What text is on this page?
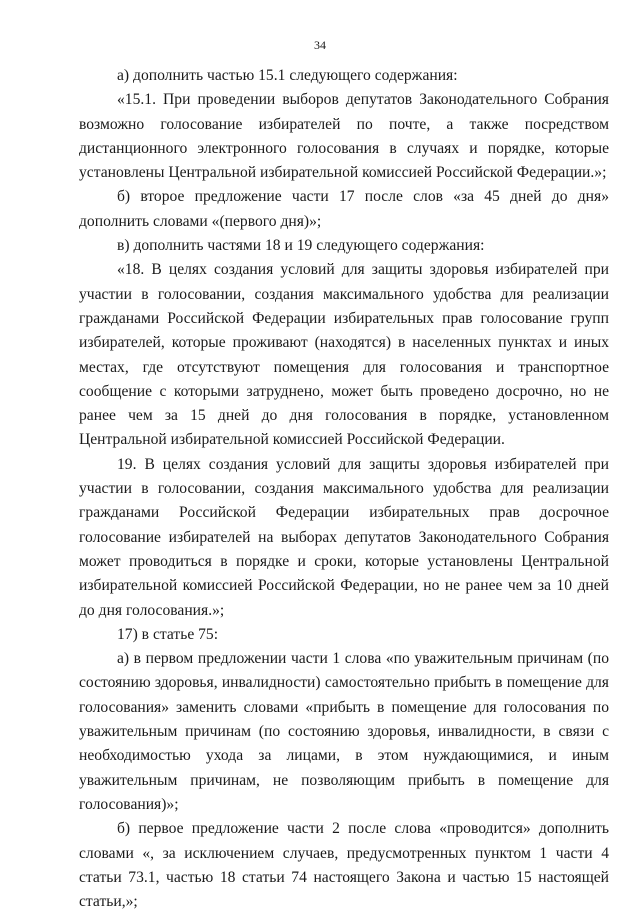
34

а) дополнить частью 15.1 следующего содержания:

«15.1. При проведении выборов депутатов Законодательного Собрания возможно голосование избирателей по почте, а также посредством дистанционного электронного голосования в случаях и порядке, которые установлены Центральной избирательной комиссией Российской Федерации.»;

б) второе предложение части 17 после слов «за 45 дней до дня» дополнить словами «(первого дня)»;

в) дополнить частями 18 и 19 следующего содержания:

«18. В целях создания условий для защиты здоровья избирателей при участии в голосовании, создания максимального удобства для реализации гражданами Российской Федерации избирательных прав голосование групп избирателей, которые проживают (находятся) в населенных пунктах и иных местах, где отсутствуют помещения для голосования и транспортное сообщение с которыми затруднено, может быть проведено досрочно, но не ранее чем за 15 дней до дня голосования в порядке, установленном Центральной избирательной комиссией Российской Федерации.

19. В целях создания условий для защиты здоровья избирателей при участии в голосовании, создания максимального удобства для реализации гражданами Российской Федерации избирательных прав досрочное голосование избирателей на выборах депутатов Законодательного Собрания может проводиться в порядке и сроки, которые установлены Центральной избирательной комиссией Российской Федерации, но не ранее чем за 10 дней до дня голосования.»;

17) в статье 75:

а) в первом предложении части 1 слова «по уважительным причинам (по состоянию здоровья, инвалидности) самостоятельно прибыть в помещение для голосования» заменить словами «прибыть в помещение для голосования по уважительным причинам (по состоянию здоровья, инвалидности, в связи с необходимостью ухода за лицами, в этом нуждающимися, и иным уважительным причинам, не позволяющим прибыть в помещение для голосования)»;

б) первое предложение части 2 после слова «проводится» дополнить словами «, за исключением случаев, предусмотренных пунктом 1 части 4 статьи 73.1, частью 18 статьи 74 настоящего Закона и частью 15 настоящей статьи,»;
